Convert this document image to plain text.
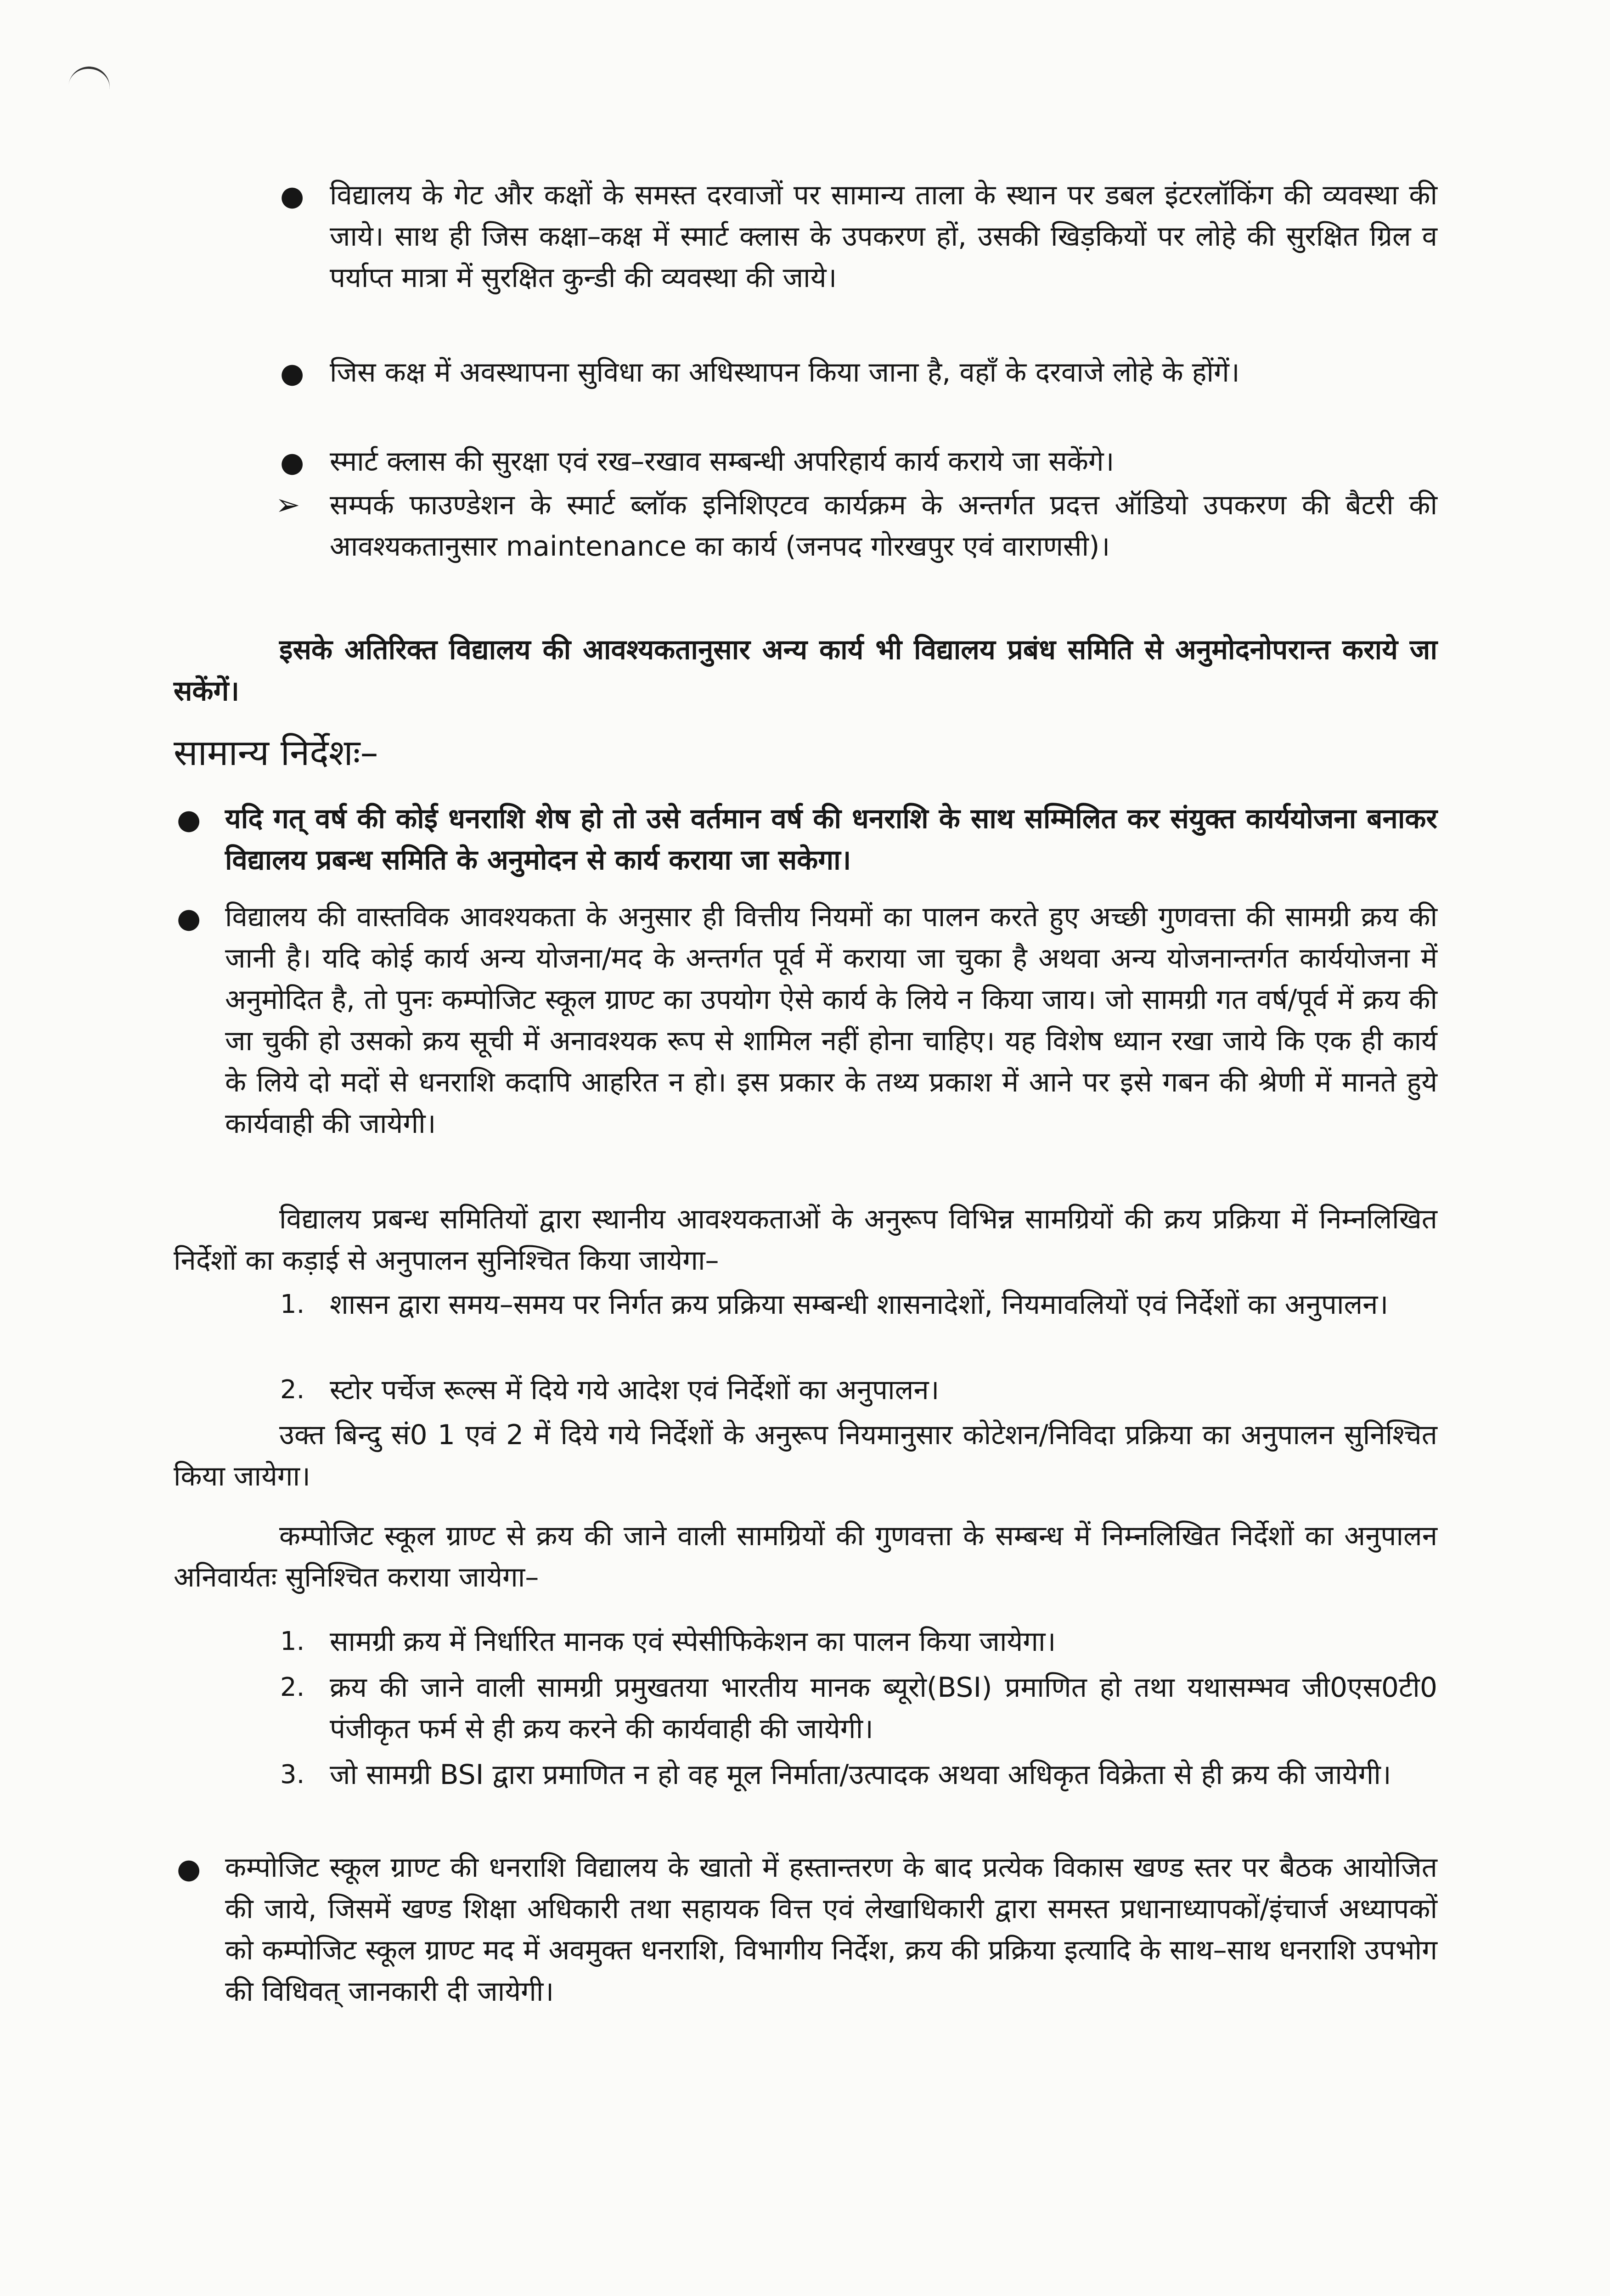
● विद्यालय के गेट और कक्षों के समस्त दरवाजों पर सामान्य ताला के स्थान पर डबल इंटरलॉकिंग की व्यवस्था की जाये। साथ ही जिस कक्षा–कक्ष में स्मार्ट क्लास के उपकरण हों, उसकी खिड़कियों पर लोहे की सुरक्षित ग्रिल व पर्याप्त मात्रा में सुरक्षित कुन्डी की व्यवस्था की जाये।
● जिस कक्ष में अवस्थापना सुविधा का अधिस्थापन किया जाना है, वहाँ के दरवाजे लोहे के होंगें।
● स्मार्ट क्लास की सुरक्षा एवं रख–रखाव सम्बन्धी अपरिहार्य कार्य कराये जा सकेंगे।
➢ सम्पर्क फाउण्डेशन के स्मार्ट ब्लॉक इनिशिएटव कार्यक्रम के अन्तर्गत प्रदत्त ऑडियो उपकरण की बैटरी की आवश्यकतानुसार maintenance का कार्य (जनपद गोरखपुर एवं वाराणसी)।
इसके अतिरिक्त विद्यालय की आवश्यकतानुसार अन्य कार्य भी विद्यालय प्रबंध समिति से अनुमोदनोपरान्त कराये जा सकेंगें।
सामान्य निर्देशः–
● यदि गत् वर्ष की कोई धनराशि शेष हो तो उसे वर्तमान वर्ष की धनराशि के साथ सम्मिलित कर संयुक्त कार्ययोजना बनाकर विद्यालय प्रबन्ध समिति के अनुमोदन से कार्य कराया जा सकेगा।
● विद्यालय की वास्तविक आवश्यकता के अनुसार ही वित्तीय नियमों का पालन करते हुए अच्छी गुणवत्ता की सामग्री क्रय की जानी है। यदि कोई कार्य अन्य योजना/मद के अन्तर्गत पूर्व में कराया जा चुका है अथवा अन्य योजनान्तर्गत कार्ययोजना में अनुमोदित है, तो पुनः कम्पोजिट स्कूल ग्राण्ट का उपयोग ऐसे कार्य के लिये न किया जाय। जो सामग्री गत वर्ष/पूर्व में क्रय की जा चुकी हो उसको क्रय सूची में अनावश्यक रूप से शामिल नहीं होना चाहिए। यह विशेष ध्यान रखा जाये कि एक ही कार्य के लिये दो मदों से धनराशि कदापि आहरित न हो। इस प्रकार के तथ्य प्रकाश में आने पर इसे गबन की श्रेणी में मानते हुये कार्यवाही की जायेगी।
विद्यालय प्रबन्ध समितियों द्वारा स्थानीय आवश्यकताओं के अनुरूप विभिन्न सामग्रियों की क्रय प्रक्रिया में निम्नलिखित निर्देशों का कड़ाई से अनुपालन सुनिश्चित किया जायेगा–
1. शासन द्वारा समय–समय पर निर्गत क्रय प्रक्रिया सम्बन्धी शासनादेशों, नियमावलियों एवं निर्देशों का अनुपालन।
2. स्टोर पर्चेज रूल्स में दिये गये आदेश एवं निर्देशों का अनुपालन।
उक्त बिन्दु सं0 1 एवं 2 में दिये गये निर्देशों के अनुरूप नियमानुसार कोटेशन/निविदा प्रक्रिया का अनुपालन सुनिश्चित किया जायेगा।
कम्पोजिट स्कूल ग्राण्ट से क्रय की जाने वाली सामग्रियों की गुणवत्ता के सम्बन्ध में निम्नलिखित निर्देशों का अनुपालन अनिवार्यतः सुनिश्चित कराया जायेगा–
1. सामग्री क्रय में निर्धारित मानक एवं स्पेसीफिकेशन का पालन किया जायेगा।
2. क्रय की जाने वाली सामग्री प्रमुखतया भारतीय मानक ब्यूरो(BSI) प्रमाणित हो तथा यथासम्भव जी0एस0टी0 पंजीकृत फर्म से ही क्रय करने की कार्यवाही की जायेगी।
3. जो सामग्री BSI द्वारा प्रमाणित न हो वह मूल निर्माता/उत्पादक अथवा अधिकृत विक्रेता से ही क्रय की जायेगी।
● कम्पोजिट स्कूल ग्राण्ट की धनराशि विद्यालय के खातो में हस्तान्तरण के बाद प्रत्येक विकास खण्ड स्तर पर बैठक आयोजित की जाये, जिसमें खण्ड शिक्षा अधिकारी तथा सहायक वित्त एवं लेखाधिकारी द्वारा समस्त प्रधानाध्यापकों/इंचार्ज अध्यापकों को कम्पोजिट स्कूल ग्राण्ट मद में अवमुक्त धनराशि, विभागीय निर्देश, क्रय की प्रक्रिया इत्यादि के साथ–साथ धनराशि उपभोग की विधिवत् जानकारी दी जायेगी।
